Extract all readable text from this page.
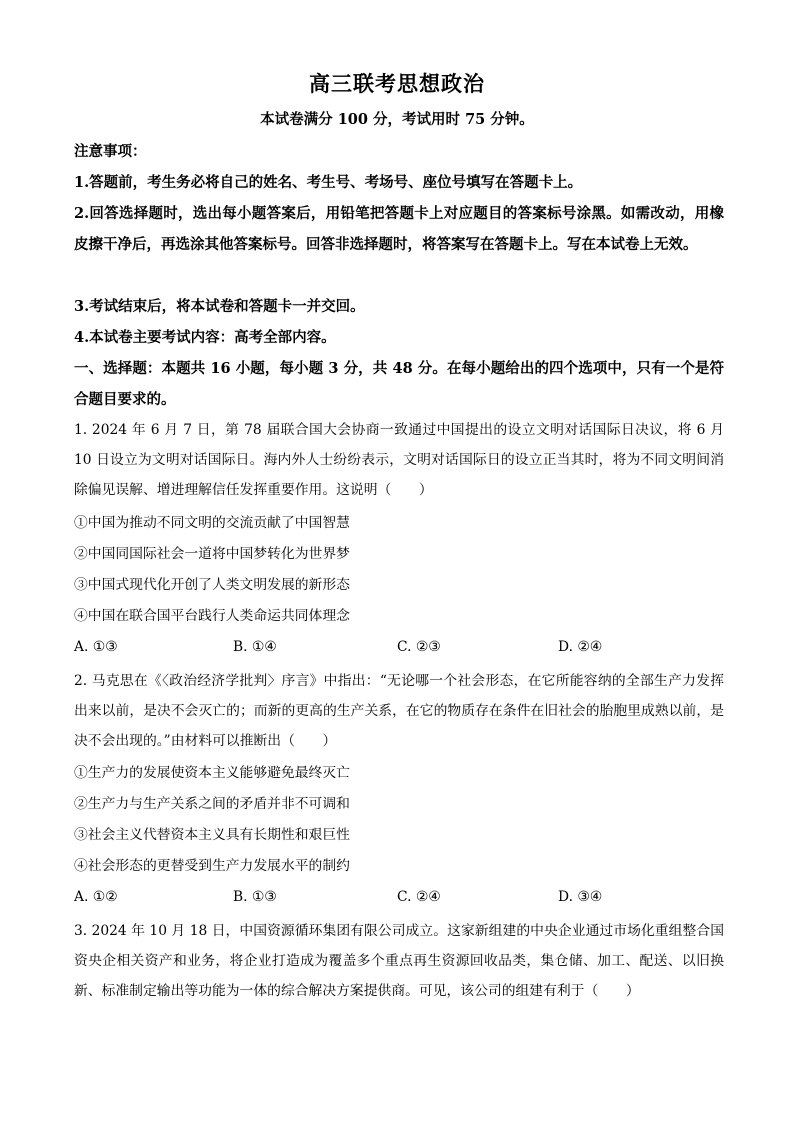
高三联考思想政治
本试卷满分 100 分，考试用时 75 分钟。
注意事项：
1.答题前，考生务必将自己的姓名、考生号、考场号、座位号填写在答题卡上。
2.回答选择题时，选出每小题答案后，用铅笔把答题卡上对应题目的答案标号涂黑。如需改动，用橡皮擦干净后，再选涂其他答案标号。回答非选择题时，将答案写在答题卡上。写在本试卷上无效。
3.考试结束后，将本试卷和答题卡一并交回。
4.本试卷主要考试内容：高考全部内容。
一、选择题：本题共 16 小题，每小题 3 分，共 48 分。在每小题给出的四个选项中，只有一个是符合题目要求的。
1. 2024 年 6 月 7 日，第 78 届联合国大会协商一致通过中国提出的设立文明对话国际日决议，将 6 月 10 日设立为文明对话国际日。海内外人士纷纷表示，文明对话国际日的设立正当其时，将为不同文明间消除偏见误解、增进理解信任发挥重要作用。这说明（　　）
①中国为推动不同文明的交流贡献了中国智慧
②中国同国际社会一道将中国梦转化为世界梦
③中国式现代化开创了人类文明发展的新形态
④中国在联合国平台践行人类命运共同体理念
A. ①③	B. ①④	C. ②③	D. ②④
2. 马克思在《〈政治经济学批判〉序言》中指出：“无论哪一个社会形态，在它所能容纳的全部生产力发挥出来以前，是决不会灭亡的；而新的更高的生产关系，在它的物质存在条件在旧社会的胎胞里成熟以前，是决不会出现的。”由材料可以推断出（　　）
①生产力的发展使资本主义能够避免最终灭亡
②生产力与生产关系之间的矛盾并非不可调和
③社会主义代替资本主义具有长期性和艰巨性
④社会形态的更替受到生产力发展水平的制约
A. ①②	B. ①③	C. ②④	D. ③④
3. 2024 年 10 月 18 日，中国资源循环集团有限公司成立。这家新组建的中央企业通过市场化重组整合国资央企相关资产和业务，将企业打造成为覆盖多个重点再生资源回收品类，集仓储、加工、配送、以旧换新、标准制定输出等功能为一体的综合解决方案提供商。可见，该公司的组建有利于（　　）
